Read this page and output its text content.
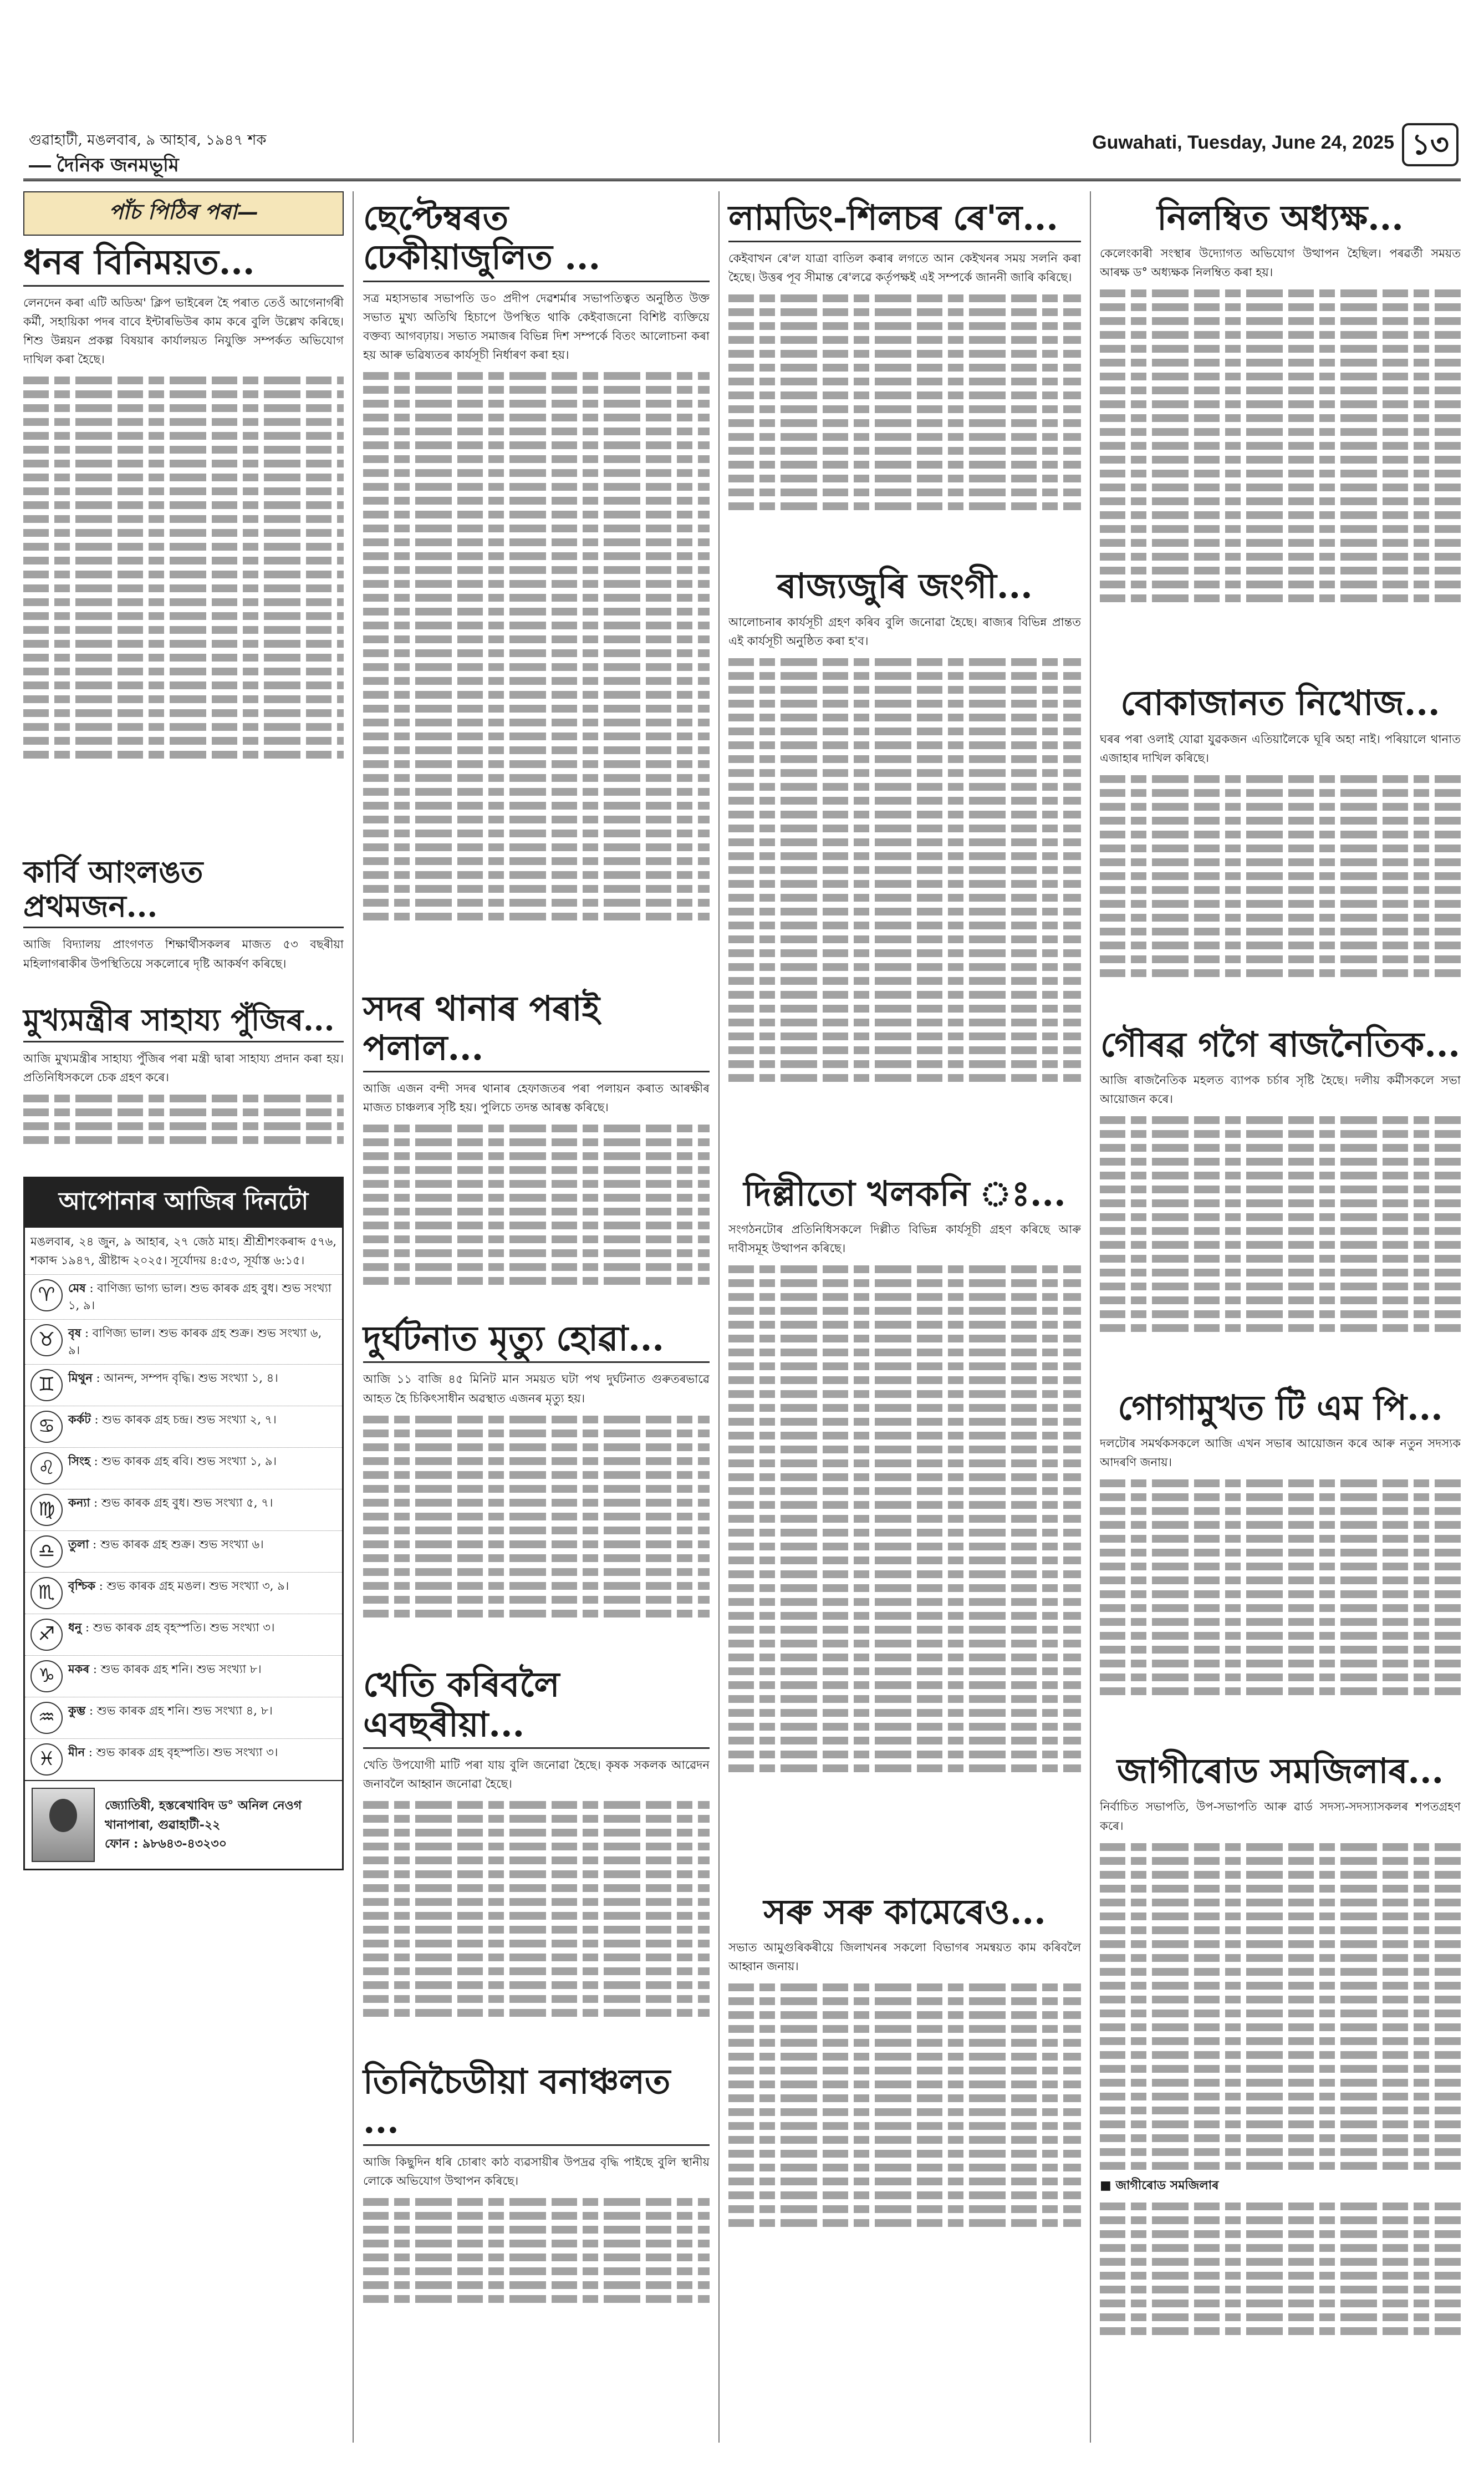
গুৱাহাটী, মঙলবাৰ, ৯ আহাৰ, ১৯৪৭ শক
দৈনিক জনমভূমি
Guwahati, Tuesday, June 24, 2025 ১৩
পাঁচ পিঠিৰ পৰা—
ধনৰ বিনিময়ত...

লেনদেন কৰা এটি অডিঅ' ক্লিপ ভাইৰেল হৈ পৰাত তেওঁ আগেনাৰ্গৰী কৰ্মী, সহায়িকা পদৰ বাবে ইন্টাৰভিউৰ কাম কৰে বুলি উল্লেখ কৰিছে। শিশু উন্নয়ন প্ৰকল্প বিষয়াৰ কাৰ্যালয়ত নিযুক্তি সম্পৰ্কত অভিযোগ দাখিল কৰা হৈছে।

কাৰ্বি আংলঙত প্ৰথমজন...

আজি বিদ্যালয় প্ৰাংগণত শিক্ষাৰ্থীসকলৰ মাজত ৫৩ বছৰীয়া মহিলাগৰাকীৰ উপস্থিতিয়ে সকলোৰে দৃষ্টি আকৰ্ষণ কৰিছে।

মুখ্যমন্ত্ৰীৰ সাহায্য পুঁজিৰ...

আজি মুখ্যমন্ত্ৰীৰ সাহায্য পুঁজিৰ পৰা মন্ত্ৰী দ্বাৰা সাহায্য প্ৰদান কৰা হয়। প্ৰতিনিধিসকলে চেক গ্ৰহণ কৰে।

আপোনাৰ আজিৰ দিনটো

মঙলবাৰ, ২৪ জুন, ৯ আহাৰ, ২৭ জেঠ মাহ। শ্ৰীশ্ৰীশংকৰাব্দ ৫৭৬, শকাব্দ ১৯৪৭, খ্ৰীষ্টাব্দ ২০২৫। সূৰ্যোদয় ৪:৫৩, সূৰ্যাস্ত ৬:১৫।

♈	মেষ : বাণিজ্য ভাগ্য ভাল। শুভ কাৰক গ্ৰহ বুধ। শুভ সংখ্যা ১, ৯।
♉	বৃষ : বাণিজ্য ভাল। শুভ কাৰক গ্ৰহ শুক্ৰ। শুভ সংখ্যা ৬, ৯।
♊	মিথুন : আনন্দ, সম্পদ বৃদ্ধি। শুভ সংখ্যা ১, ৪।
♋	কৰ্কট : শুভ কাৰক গ্ৰহ চন্দ্ৰ। শুভ সংখ্যা ২, ৭।
♌	সিংহ : শুভ কাৰক গ্ৰহ ৰবি। শুভ সংখ্যা ১, ৯।
♍	কন্যা : শুভ কাৰক গ্ৰহ বুধ। শুভ সংখ্যা ৫, ৭।
♎	তুলা : শুভ কাৰক গ্ৰহ শুক্ৰ। শুভ সংখ্যা ৬।
♏	বৃশ্চিক : শুভ কাৰক গ্ৰহ মঙল। শুভ সংখ্যা ৩, ৯।
♐	ধনু : শুভ কাৰক গ্ৰহ বৃহস্পতি। শুভ সংখ্যা ৩।
♑	মকৰ : শুভ কাৰক গ্ৰহ শনি। শুভ সংখ্যা ৮।
♒	কুম্ভ : শুভ কাৰক গ্ৰহ শনি। শুভ সংখ্যা ৪, ৮।
♓	মীন : শুভ কাৰক গ্ৰহ বৃহস্পতি। শুভ সংখ্যা ৩।
জ্যোতিষী, হস্তৰেখাবিদ ড° অনিল নেওগ
খানাপাৰা, গুৱাহাটী-২২
ফোন : ৯৮৬৪৩-৪৩২৩০
ছেপ্টেম্বৰত ঢেকীয়াজুলিত ...

সত্ৰ মহাসভাৰ সভাপতি ড০ প্ৰদীপ দেৱশৰ্মাৰ সভাপতিত্বত অনুষ্ঠিত উক্ত সভাত মুখ্য অতিথি হিচাপে উপস্থিত থাকি কেইবাজনো বিশিষ্ট ব্যক্তিয়ে বক্তব্য আগবঢ়ায়। সভাত সমাজৰ বিভিন্ন দিশ সম্পৰ্কে বিতং আলোচনা কৰা হয় আৰু ভৱিষ্যতৰ কাৰ্যসূচী নিৰ্ধাৰণ কৰা হয়।

সদৰ থানাৰ পৰাই পলাল...

আজি এজন বন্দী সদৰ থানাৰ হেফাজতৰ পৰা পলায়ন কৰাত আৰক্ষীৰ মাজত চাঞ্চল্যৰ সৃষ্টি হয়। পুলিচে তদন্ত আৰম্ভ কৰিছে।

দুৰ্ঘটনাত মৃত্যু হোৱা...

আজি ১১ বাজি ৪৫ মিনিট মান সময়ত ঘটা পথ দুৰ্ঘটনাত গুৰুতৰভাৱে আহত হৈ চিকিৎসাধীন অৱস্থাত এজনৰ মৃত্যু হয়।

খেতি কৰিবলৈ এবছৰীয়া...

খেতি উপযোগী মাটি পৰা যায় বুলি জনোৱা হৈছে। কৃষক সকলক আৱেদন জনাবলৈ আহ্বান জনোৱা হৈছে।

তিনিচৈডীয়া বনাঞ্চলত ...

আজি কিছুদিন ধৰি চোৰাং কাঠ ব্যৱসায়ীৰ উপদ্ৰৱ বৃদ্ধি পাইছে বুলি স্থানীয় লোকে অভিযোগ উত্থাপন কৰিছে।

লামডিং-শিলচৰ ৰে'ল...

কেইবাখন ৰে'ল যাত্ৰা বাতিল কৰাৰ লগতে আন কেইখনৰ সময় সলনি কৰা হৈছে। উত্তৰ পূব সীমান্ত ৰে'লৱে কৰ্তৃপক্ষই এই সম্পৰ্কে জাননী জাৰি কৰিছে।

ৰাজ্যজুৰি জংগী...

আলোচনাৰ কাৰ্যসূচী গ্ৰহণ কৰিব বুলি জনোৱা হৈছে। ৰাজ্যৰ বিভিন্ন প্ৰান্তত এই কাৰ্যসূচী অনুষ্ঠিত কৰা হ'ব।

দিল্লীতো খলকনি ঃ...

সংগঠনটোৰ প্ৰতিনিধিসকলে দিল্লীত বিভিন্ন কাৰ্যসূচী গ্ৰহণ কৰিছে আৰু দাবীসমূহ উত্থাপন কৰিছে।

সৰু সৰু কামেৰেও...

সভাত আমুগুৰিকৰীয়ে জিলাখনৰ সকলো বিভাগৰ সমন্বয়ত কাম কৰিবলৈ আহ্বান জনায়।

নিলম্বিত অধ্যক্ষ...

কেলেংকাৰী সংস্থাৰ উদ্যোগত অভিযোগ উত্থাপন হৈছিল। পৰৱৰ্তী সময়ত আৰক্ষ ড° অধ্যক্ষক নিলম্বিত কৰা হয়।

বোকাজানত নিখোজ...

ঘৰৰ পৰা ওলাই যোৱা যুৱকজন এতিয়ালৈকে ঘূৰি অহা নাই। পৰিয়ালে থানাত এজাহাৰ দাখিল কৰিছে।

গৌৰৱ গগৈ ৰাজনৈতিক...

আজি ৰাজনৈতিক মহলত ব্যাপক চৰ্চাৰ সৃষ্টি হৈছে। দলীয় কৰ্মীসকলে সভা আয়োজন কৰে।

গোগামুখত টি এম পি...

দলটোৰ সমৰ্থকসকলে আজি এখন সভাৰ আয়োজন কৰে আৰু নতুন সদস্যক আদৰণি জনায়।

জাগীৰোড সমজিলাৰ...

নিৰ্বাচিত সভাপতি, উপ-সভাপতি আৰু ৱাৰ্ড সদস্য-সদস্যাসকলৰ শপতগ্ৰহণ কৰে।

■ জাগীৰোড সমজিলাৰ
